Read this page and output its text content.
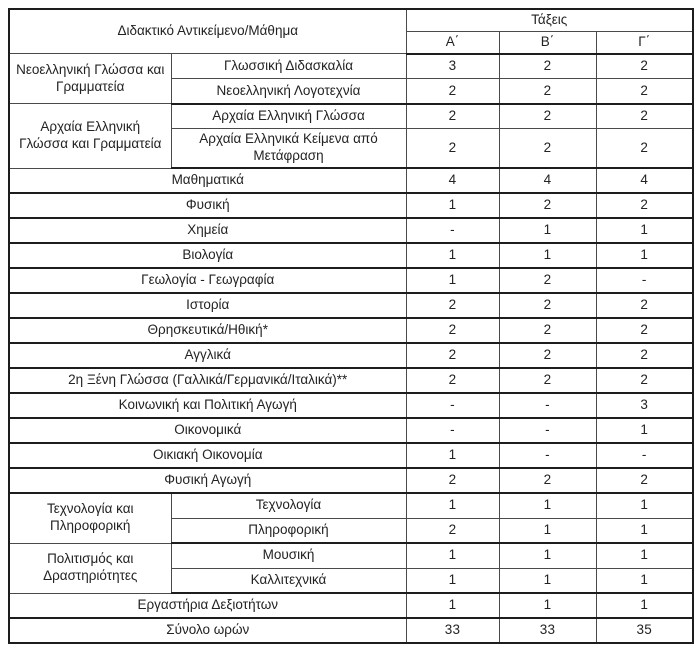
Διδακτικό Αντικείμενο/Μάθημα		Τάξεις		
		Α΄	Β΄	Γ΄
Νεοελληνική Γλώσσα και Γραμματεία	Γλωσσική Διδασκαλία	3	2	2
	Νεοελληνική Λογοτεχνία	2	2	2
Αρχαία Ελληνική Γλώσσα και Γραμματεία	Αρχαία Ελληνική Γλώσσα	2	2	2
	Αρχαία Ελληνικά Κείμενα από Μετάφραση	2	2	2
Μαθηματικά		4	4	4
Φυσική		1	2	2
Χημεία		-	1	1
Βιολογία		1	1	1
Γεωλογία - Γεωγραφία		1	2	-
Ιστορία		2	2	2
Θρησκευτικά/Ηθική*		2	2	2
Αγγλικά		2	2	2
2η Ξένη Γλώσσα (Γαλλικά/Γερμανικά/Ιταλικά)**		2	2	2
Κοινωνική και Πολιτική Αγωγή		-	-	3
Οικονομικά		-	-	1
Οικιακή Οικονομία		1	-	-
Φυσική Αγωγή		2	2	2
Τεχνολογία και Πληροφορική	Τεχνολογία	1	1	1
	Πληροφορική	2	1	1
Πολιτισμός και Δραστηριότητες	Μουσική	1	1	1
	Καλλιτεχνικά	1	1	1
Εργαστήρια Δεξιοτήτων		1	1	1
Σύνολο ωρών		33	33	35
